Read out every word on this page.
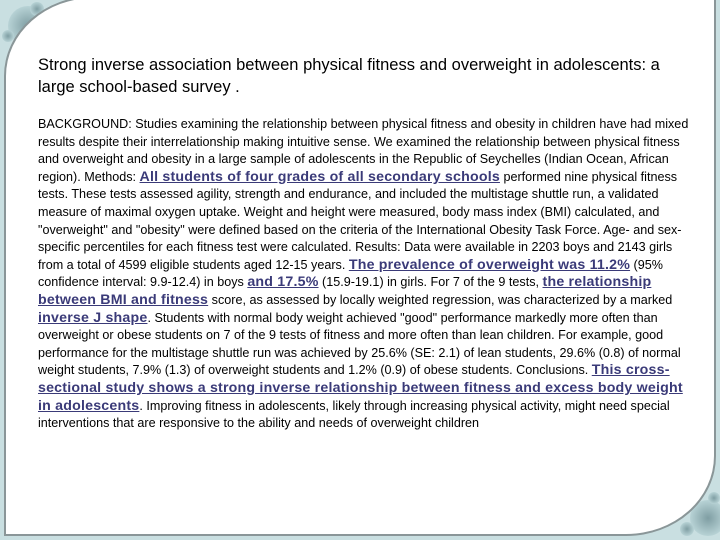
Strong inverse association between physical fitness and overweight in adolescents: a large school-based survey .

BACKGROUND: Studies examining the relationship between physical fitness and obesity in children have had mixed results despite their interrelationship making intuitive sense. We examined the relationship between physical fitness and overweight and obesity in a large sample of adolescents in the Republic of Seychelles (Indian Ocean, African region). Methods: All students of four grades of all secondary schools performed nine physical fitness tests. These tests assessed agility, strength and endurance, and included the multistage shuttle run, a validated measure of maximal oxygen uptake. Weight and height were measured, body mass index (BMI) calculated, and "overweight" and "obesity" were defined based on the criteria of the International Obesity Task Force. Age- and sex-specific percentiles for each fitness test were calculated. Results: Data were available in 2203 boys and 2143 girls from a total of 4599 eligible students aged 12-15 years. The prevalence of overweight was 11.2% (95% confidence interval: 9.9-12.4) in boys and 17.5% (15.9-19.1) in girls. For 7 of the 9 tests, the relationship between BMI and fitness score, as assessed by locally weighted regression, was characterized by a marked inverse J shape. Students with normal body weight achieved "good" performance markedly more often than overweight or obese students on 7 of the 9 tests of fitness and more often than lean children. For example, good performance for the multistage shuttle run was achieved by 25.6% (SE: 2.1) of lean students, 29.6% (0.8) of normal weight students, 7.9% (1.3) of overweight students and 1.2% (0.9) of obese students. Conclusions. This cross-sectional study shows a strong inverse relationship between fitness and excess body weight in adolescents. Improving fitness in adolescents, likely through increasing physical activity, might need special interventions that are responsive to the ability and needs of overweight children
